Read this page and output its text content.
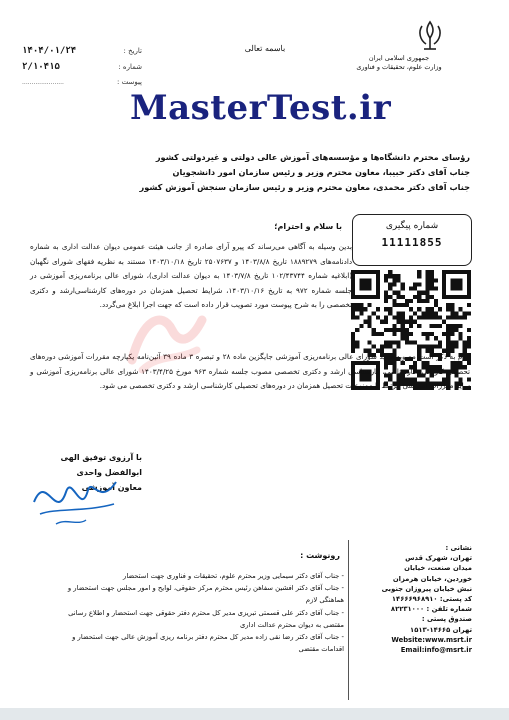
جمهوری اسلامی ایران
وزارت علوم، تحقیقات و فناوری
باسمه تعالی
تاریخ :
۱۴۰۴/۰۱/۲۴
شماره :
۲/۱۰۴۱۵
پیوست :
......................
MasterTest.ir
رؤسای محترم دانشگاه‌ها و مؤسسه‌های آموزش عالی دولتی و غیردولتی کشور
جناب آقای دکتر حبیبا، معاون محترم وزیر و رئیس سازمان امور دانشجویان
جناب آقای دکتر محمدی، معاون محترم وزیر و رئیس سازمان سنجش آموزش کشور
شماره پیگیری
11111855
با سلام و احترام؛
بدین وسیله به آگاهی می‌رساند که پیرو آرای صادره از جانب هیئت عمومی دیوان عدالت اداری به شماره دادنامه‌های ۱۸۸۹۲۷۹ تاریخ ۱۴۰۳/۸/۸ و ۲۵۰۷۶۳۷ تاریخ ۱۴۰۳/۱۰/۱۸ مستند به نظریه فقهای شورای نگهبان (ابلاغیه شماره ۱۰۲/۴۳۷۴۴ تاریخ ۱۴۰۳/۷/۸ به دیوان عدالت اداری)، شورای عالی برنامه‌ریزی آموزشی در جلسه شماره ۹۷۲ به تاریخ ۱۴۰۳/۱۰/۱۶، شرایط تحصیل همزمان در دوره‌های کارشناسی‌ارشد و دکتری تخصصی را به شرح پیوست مورد تصویب قرار داده است که جهت اجرا ابلاغ می‌گردد.
لازم به ذکر است مصوبه جدید شورای عالی برنامه‌ریزی آموزشی جایگزین ماده ۲۸ و تبصره ۳ ماده ۳۹ آئین‌نامه یکپارچه مقررات آموزشی دوره‌های تحصیلی کاردانی، کارشناسی، کارشناسی ارشد و دکتری تخصصی مصوب جلسه شماره ۹۶۳ مورخ ۱۴۰۳/۴/۲۵ شورای عالی برنامه‌ریزی آموزشی و سایر مقررات آموزشی مرتبط با ممنوعیت تحصیل همزمان در دوره‌های تحصیلی کارشناسی ارشد و دکتری تخصصی می‌ شود.
با آرزوی توفیق الهی
ابوالفضل واحدی
معاون آموزشی
رونوشت :
- جناب آقای دکتر سیمایی وزیر محترم علوم، تحقیقات و فناوری جهت استحضار
- جناب آقای دکتر افشین سفاهن رئیس محترم مرکز حقوقی، لوایح و امور مجلس جهت استحضار و
هماهنگی لازم
- جناب آقای دکتر علی قسمتی تبریزی مدیر کل محترم دفتر حقوقی جهت استحضار و اطلاع رسانی
مقتضی به دیوان محترم عدالت اداری
- جناب آقای دکتر رضا نقی زاده مدیر کل محترم دفتر برنامه ریزی آموزش عالی جهت استحضار و
اقدامات مقتضی
نشانی :
تهران، شهرک قدس
میدان صنعت، خیابان
خوردین، خیابان هرمزان
نبش خیابان پیروزان جنوبی
کد پستی: ۱۴۶۶۶۹۶۸۹۱۰
شماره تلفن : ۸۲۲۳۱۰۰۰
صندوق پستی :
تهران ۱۴۶۶۵-۱۵۱۳
Website:www.msrt.ir
Email:info@msrt.ir
